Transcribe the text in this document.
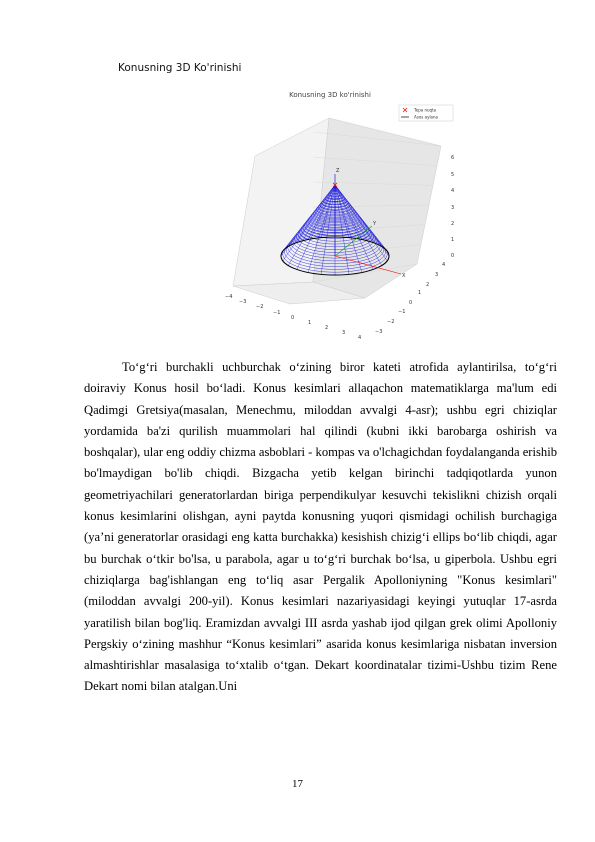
Konusning 3D Ko'rinishi
Konusning 3D ko'rinishi
Tepa nuqta
Asos aylana
Z
Y
X
6
5
4
3
2
1
0
4
3
2
1
0
−1
−2
−3
−4
−3
−2
−1
0
1
2
3
4

Toʻgʻri burchakli uchburchak oʻzining biror kateti atrofida aylantirilsa, toʻgʻri doiraviy Konus hosil boʻladi. Konus kesimlari allaqachon matematiklarga ma'lum edi Qadimgi Gretsiya(masalan, Menechmu, miloddan avvalgi 4-asr); ushbu egri chiziqlar yordamida ba'zi qurilish muammolari hal qilindi (kubni ikki barobarga oshirish va boshqalar), ular eng oddiy chizma asboblari - kompas va o'lchagichdan foydalanganda erishib bo'lmaydigan bo'lib chiqdi. Bizgacha yetib kelgan birinchi tadqiqotlarda yunon geometriyachilari generatorlardan biriga perpendikulyar kesuvchi tekislikni chizish orqali konus kesimlarini olishgan, ayni paytda konusning yuqori qismidagi ochilish burchagiga (ya’ni generatorlar orasidagi eng katta burchakka) kesishish chizig‘i ellips bo‘lib chiqdi, agar bu burchak o‘tkir bo'lsa, u parabola, agar u to‘g‘ri burchak bo‘lsa, u giperbola. Ushbu egri chiziqlarga bag'ishlangan eng to‘liq asar Pergalik Apolloniyning "Konus kesimlari" (miloddan avvalgi 200-yil). Konus kesimlari nazariyasidagi keyingi yutuqlar 17-asrda yaratilish bilan bog'liq. Eramizdan avvalgi III asrda yashab ijod qilgan grek olimi Apolloniy Pergskiy o‘zining mashhur “Konus kesimlari” asarida konus kesimlariga nisbatan inversion almashtirishlar masalasiga to‘xtalib o‘tgan. Dekart koordinatalar tizimi-Ushbu tizim Rene Dekart nomi bilan atalgan.Uni

17
